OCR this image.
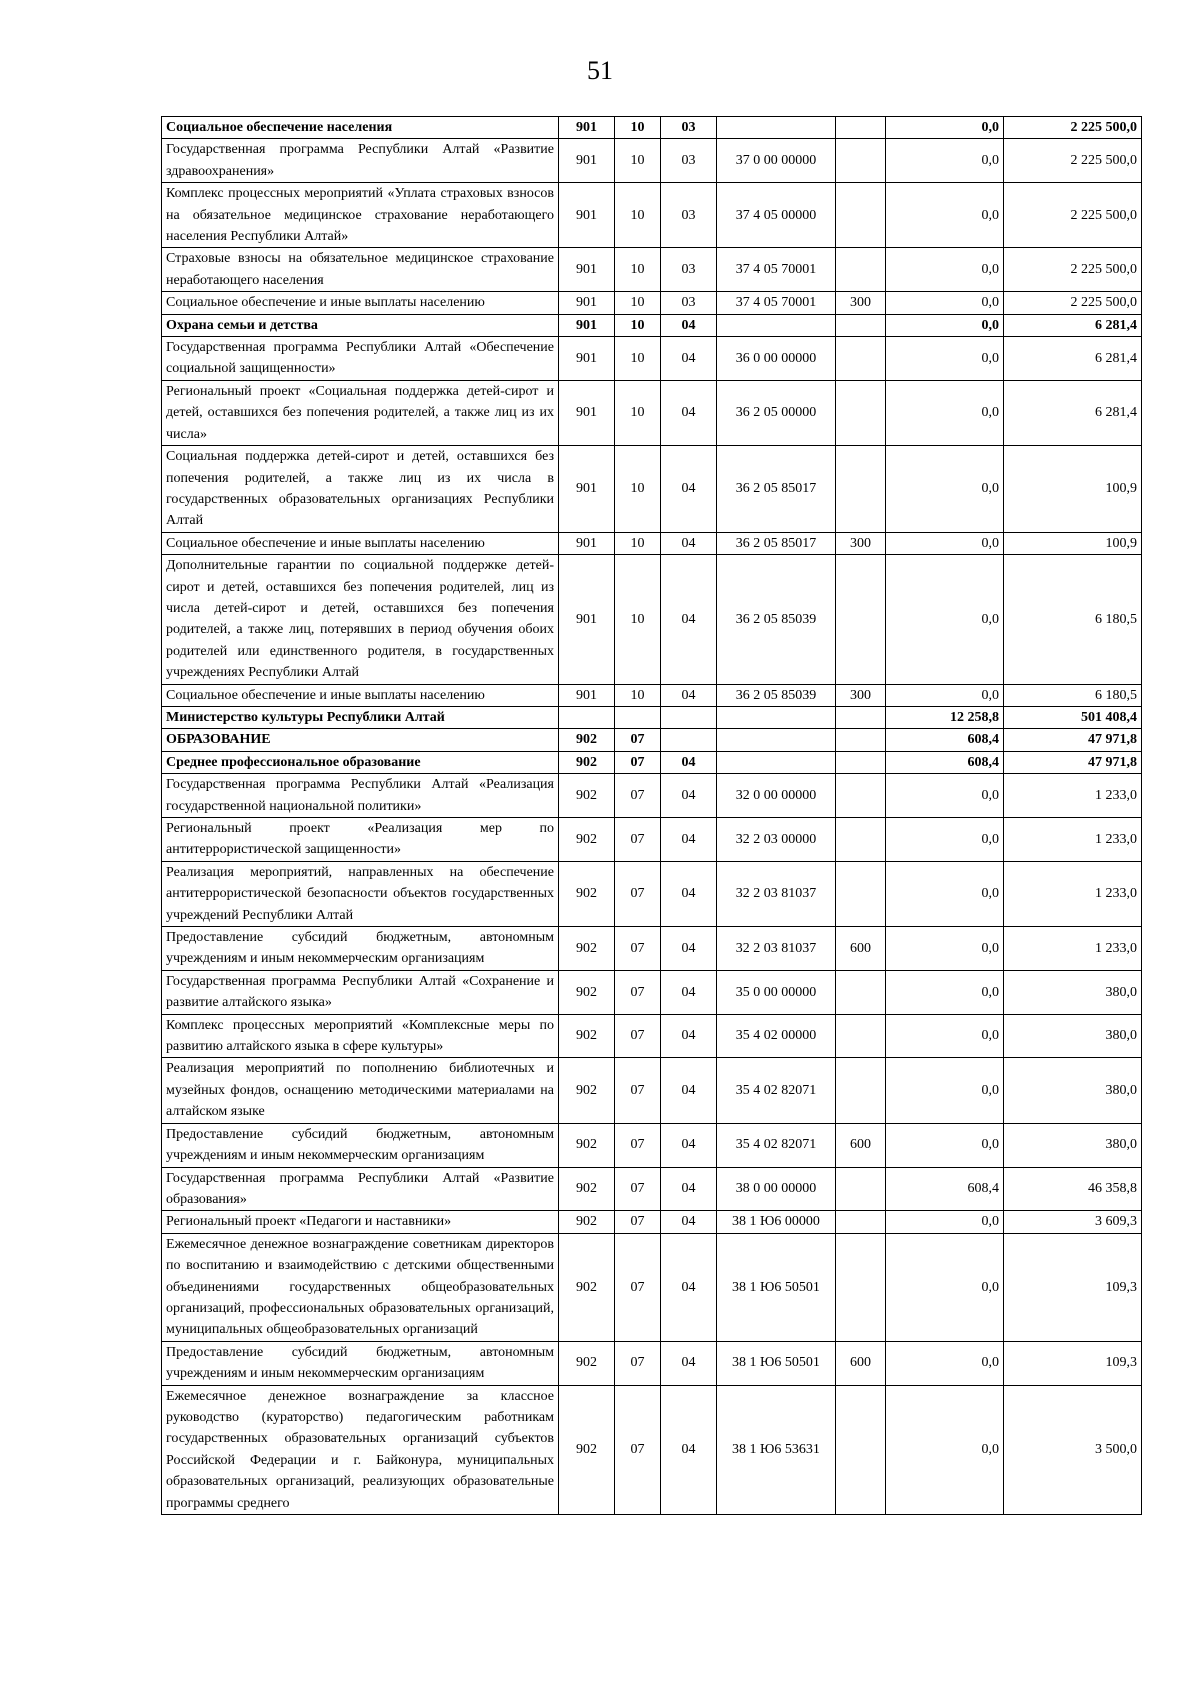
51
Социальное обеспечение населения	901	10	03			0,0	2 225 500,0
Государственная программа Республики Алтай «Развитие здравоохранения»	901	10	03	37 0 00 00000		0,0	2 225 500,0
Комплекс процессных мероприятий «Уплата страховых взносов на обязательное медицинское страхование неработающего населения Республики Алтай»	901	10	03	37 4 05 00000		0,0	2 225 500,0
Страховые взносы на обязательное медицинское страхование неработающего населения	901	10	03	37 4 05 70001		0,0	2 225 500,0
Социальное обеспечение и иные выплаты населению	901	10	03	37 4 05 70001	300	0,0	2 225 500,0
Охрана семьи и детства	901	10	04			0,0	6 281,4
Государственная программа Республики Алтай «Обеспечение социальной защищенности»	901	10	04	36 0 00 00000		0,0	6 281,4
Региональный проект «Социальная поддержка детей-сирот и детей, оставшихся без попечения родителей, а также лиц из их числа»	901	10	04	36 2 05 00000		0,0	6 281,4
Социальная поддержка детей-сирот и детей, оставшихся без попечения родителей, а также лиц из их числа в государственных образовательных организациях Республики Алтай	901	10	04	36 2 05 85017		0,0	100,9
Социальное обеспечение и иные выплаты населению	901	10	04	36 2 05 85017	300	0,0	100,9
Дополнительные гарантии по социальной поддержке детей-сирот и детей, оставшихся без попечения родителей, лиц из числа детей-сирот и детей, оставшихся без попечения родителей, а также лиц, потерявших в период обучения обоих родителей или единственного родителя, в государственных учреждениях Республики Алтай	901	10	04	36 2 05 85039		0,0	6 180,5
Социальное обеспечение и иные выплаты населению	901	10	04	36 2 05 85039	300	0,0	6 180,5
Министерство культуры Республики Алтай						12 258,8	501 408,4
ОБРАЗОВАНИЕ	902	07				608,4	47 971,8
Среднее профессиональное образование	902	07	04			608,4	47 971,8
Государственная программа Республики Алтай «Реализация государственной национальной политики»	902	07	04	32 0 00 00000		0,0	1 233,0
Региональный проект «Реализация мер по антитеррористической защищенности»	902	07	04	32 2 03 00000		0,0	1 233,0
Реализация мероприятий, направленных на обеспечение антитеррористической безопасности объектов государственных учреждений Республики Алтай	902	07	04	32 2 03 81037		0,0	1 233,0
Предоставление субсидий бюджетным, автономным учреждениям и иным некоммерческим организациям	902	07	04	32 2 03 81037	600	0,0	1 233,0
Государственная программа Республики Алтай «Сохранение и развитие алтайского языка»	902	07	04	35 0 00 00000		0,0	380,0
Комплекс процессных мероприятий «Комплексные меры по развитию алтайского языка в сфере культуры»	902	07	04	35 4 02 00000		0,0	380,0
Реализация мероприятий по пополнению библиотечных и музейных фондов, оснащению методическими материалами на алтайском языке	902	07	04	35 4 02 82071		0,0	380,0
Предоставление субсидий бюджетным, автономным учреждениям и иным некоммерческим организациям	902	07	04	35 4 02 82071	600	0,0	380,0
Государственная программа Республики Алтай «Развитие образования»	902	07	04	38 0 00 00000		608,4	46 358,8
Региональный проект «Педагоги и наставники»	902	07	04	38 1 Ю6 00000		0,0	3 609,3
Ежемесячное денежное вознаграждение советникам директоров по воспитанию и взаимодействию с детскими общественными объединениями государственных общеобразовательных организаций, профессиональных образовательных организаций, муниципальных общеобразовательных организаций	902	07	04	38 1 Ю6 50501		0,0	109,3
Предоставление субсидий бюджетным, автономным учреждениям и иным некоммерческим организациям	902	07	04	38 1 Ю6 50501	600	0,0	109,3
Ежемесячное денежное вознаграждение за классное руководство (кураторство) педагогическим работникам государственных образовательных организаций субъектов Российской Федерации и г. Байконура, муниципальных образовательных организаций, реализующих образовательные программы среднего	902	07	04	38 1 Ю6 53631		0,0	3 500,0
